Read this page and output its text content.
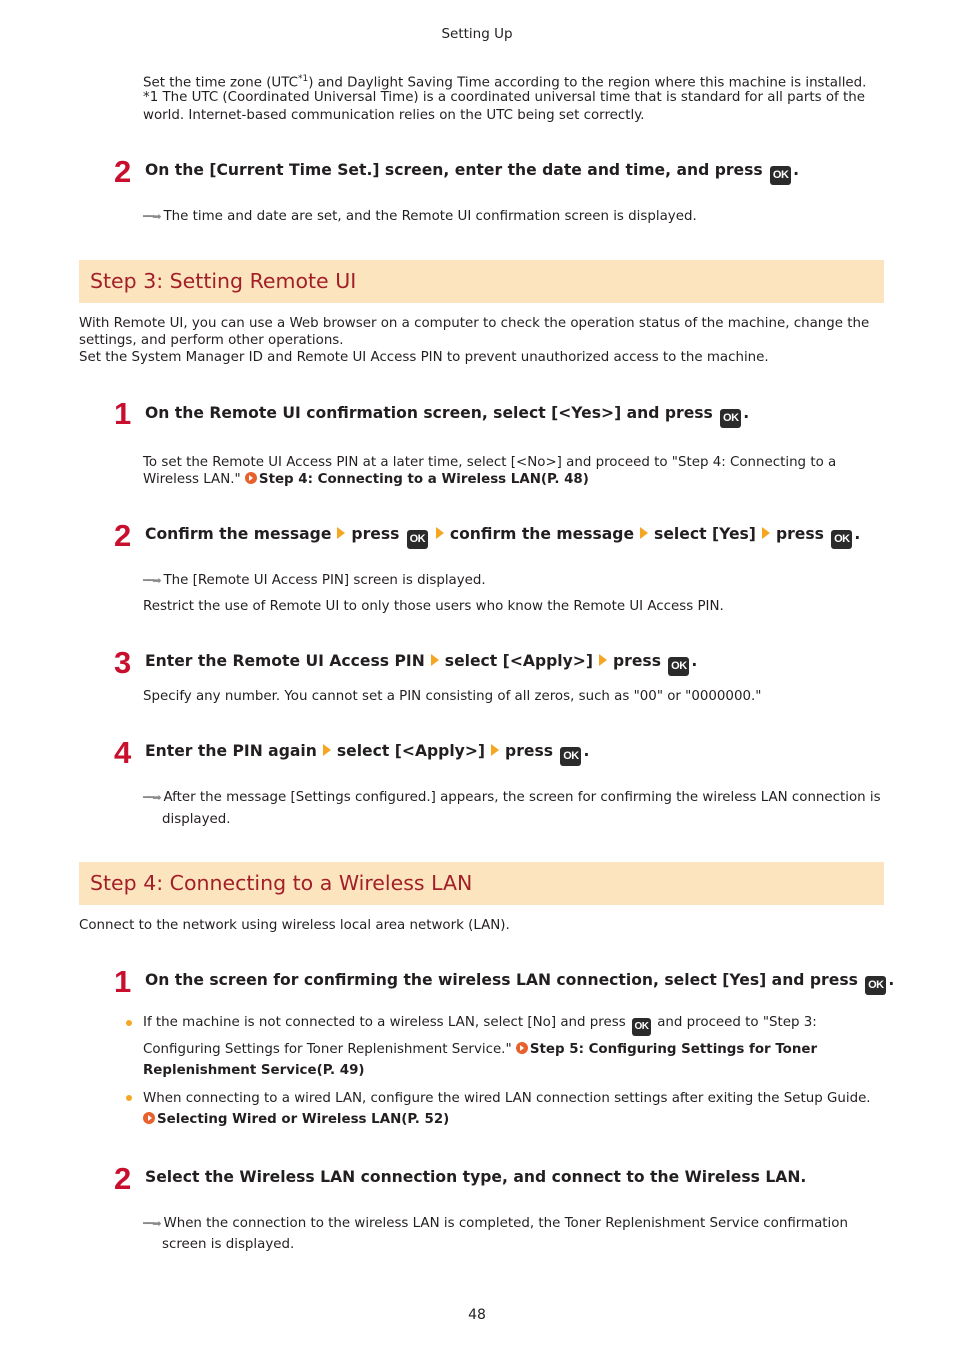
Setting Up
Set the time zone (UTC$^{*1}$) and Daylight Saving Time according to the region where this machine is installed.
*1 The UTC (Coordinated Universal Time) is a coordinated universal time that is standard for all parts of the
world. Internet-based communication relies on the UTC being set correctly.
2 On the [Current Time Set.] screen, enter the date and time, and press OK .
━━➡ The time and date are set, and the Remote UI confirmation screen is displayed.
Step 3: Setting Remote UI
With Remote UI, you can use a Web browser on a computer to check the operation status of the machine, change the
settings, and perform other operations.
Set the System Manager ID and Remote UI Access PIN to prevent unauthorized access to the machine.
1 On the Remote UI confirmation screen, select [<Yes>] and press OK .
To set the Remote UI Access PIN at a later time, select [<No>] and proceed to "Step 4: Connecting to a
Wireless LAN." Step 4: Connecting to a Wireless LAN(P. 48)
2 Confirm the message press OK confirm the message select [Yes] press OK .
━━➡ The [Remote UI Access PIN] screen is displayed.
Restrict the use of Remote UI to only those users who know the Remote UI Access PIN.
3 Enter the Remote UI Access PIN select [<Apply>] press OK .
Specify any number. You cannot set a PIN consisting of all zeros, such as "00" or "0000000."
4 Enter the PIN again select [<Apply>] press OK .
━━➡ After the message [Settings configured.] appears, the screen for confirming the wireless LAN connection is
displayed.
Step 4: Connecting to a Wireless LAN
Connect to the network using wireless local area network (LAN).
1 On the screen for confirming the wireless LAN connection, select [Yes] and press OK .
If the machine is not connected to a wireless LAN, select [No] and press OK and proceed to "Step 3:
Configuring Settings for Toner Replenishment Service." Step 5: Configuring Settings for Toner
Replenishment Service(P. 49)
When connecting to a wired LAN, configure the wired LAN connection settings after exiting the Setup Guide.
Selecting Wired or Wireless LAN(P. 52)
2 Select the Wireless LAN connection type, and connect to the Wireless LAN.
━━➡ When the connection to the wireless LAN is completed, the Toner Replenishment Service confirmation
screen is displayed.
48
